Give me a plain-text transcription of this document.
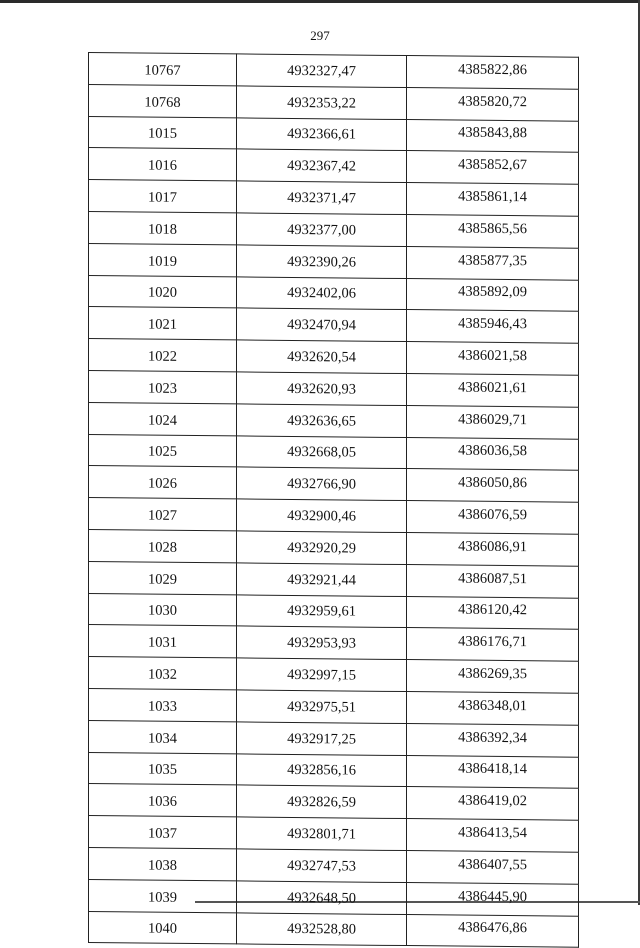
297
10767	4932327,47	4385822,86
10768	4932353,22	4385820,72
1015	4932366,61	4385843,88
1016	4932367,42	4385852,67
1017	4932371,47	4385861,14
1018	4932377,00	4385865,56
1019	4932390,26	4385877,35
1020	4932402,06	4385892,09
1021	4932470,94	4385946,43
1022	4932620,54	4386021,58
1023	4932620,93	4386021,61
1024	4932636,65	4386029,71
1025	4932668,05	4386036,58
1026	4932766,90	4386050,86
1027	4932900,46	4386076,59
1028	4932920,29	4386086,91
1029	4932921,44	4386087,51
1030	4932959,61	4386120,42
1031	4932953,93	4386176,71
1032	4932997,15	4386269,35
1033	4932975,51	4386348,01
1034	4932917,25	4386392,34
1035	4932856,16	4386418,14
1036	4932826,59	4386419,02
1037	4932801,71	4386413,54
1038	4932747,53	4386407,55
1039	4932648,50	4386445,90
1040	4932528,80	4386476,86
